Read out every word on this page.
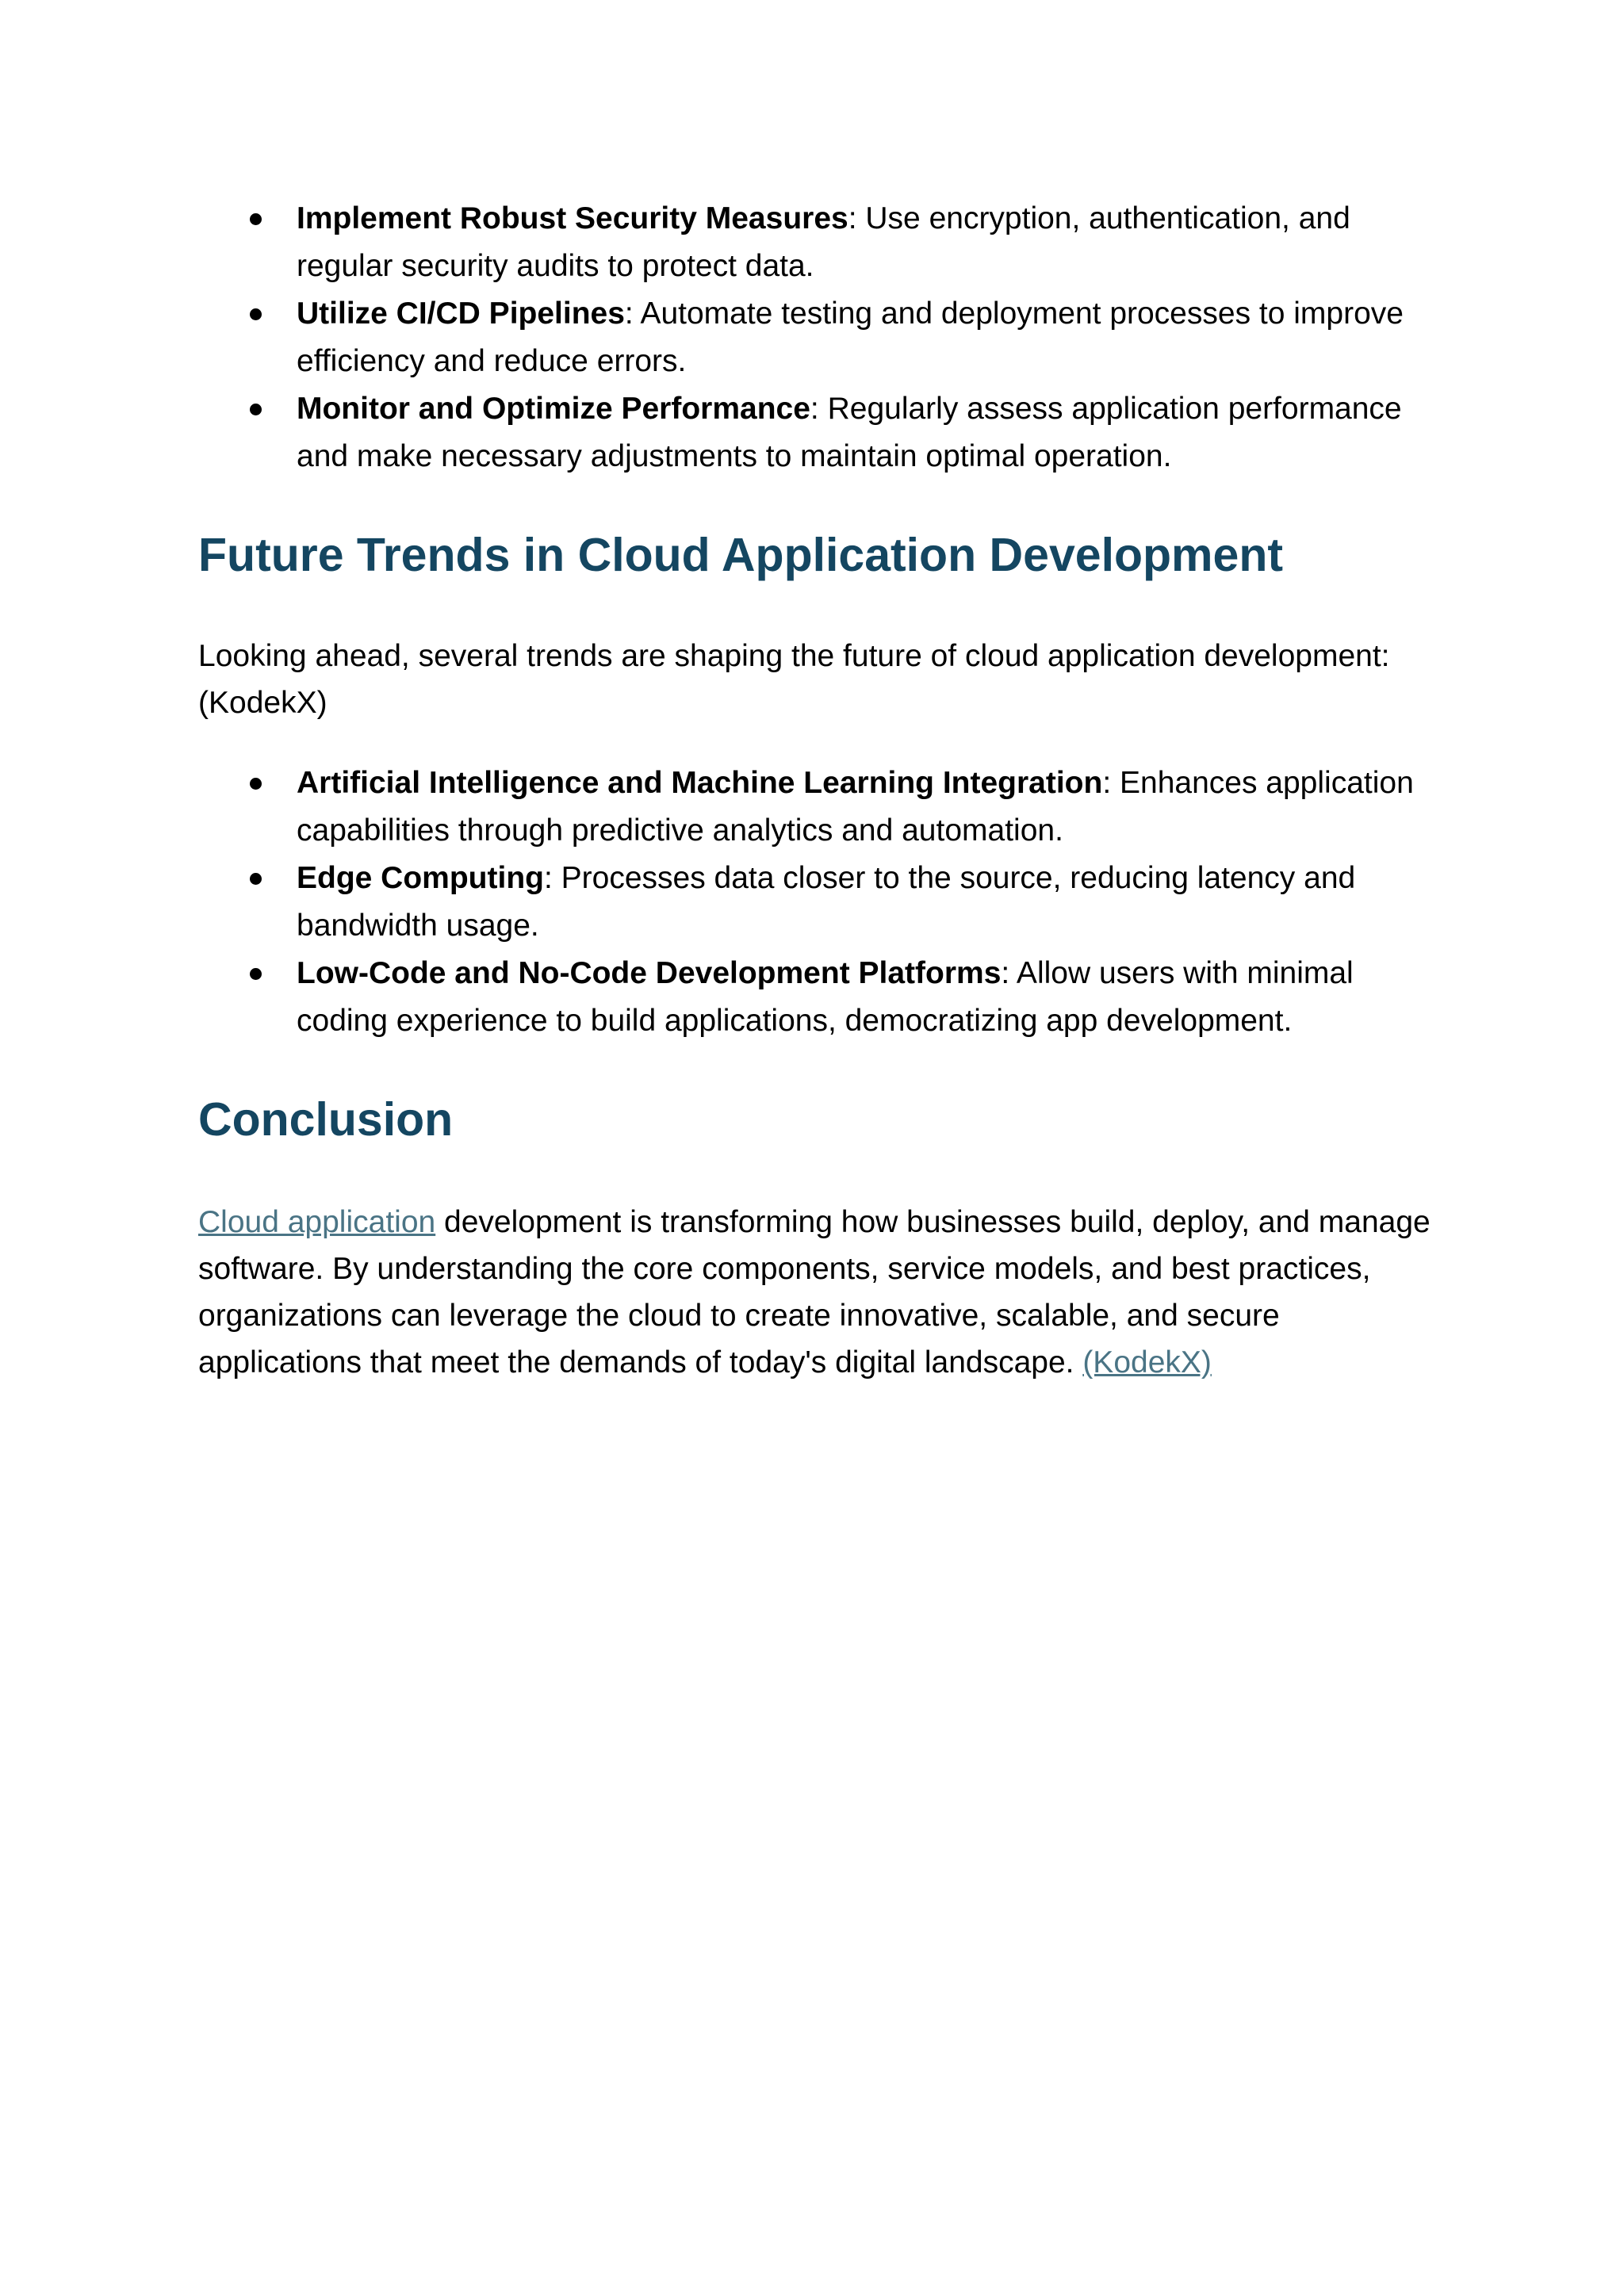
Implement Robust Security Measures: Use encryption, authentication, and regular security audits to protect data.
Utilize CI/CD Pipelines: Automate testing and deployment processes to improve efficiency and reduce errors.
Monitor and Optimize Performance: Regularly assess application performance and make necessary adjustments to maintain optimal operation.
Future Trends in Cloud Application Development

Looking ahead, several trends are shaping the future of cloud application development: (KodekX)

Artificial Intelligence and Machine Learning Integration: Enhances application capabilities through predictive analytics and automation.
Edge Computing: Processes data closer to the source, reducing latency and bandwidth usage.
Low-Code and No-Code Development Platforms: Allow users with minimal coding experience to build applications, democratizing app development.
Conclusion

Cloud application development is transforming how businesses build, deploy, and manage software. By understanding the core components, service models, and best practices, organizations can leverage the cloud to create innovative, scalable, and secure applications that meet the demands of today's digital landscape. (KodekX)
